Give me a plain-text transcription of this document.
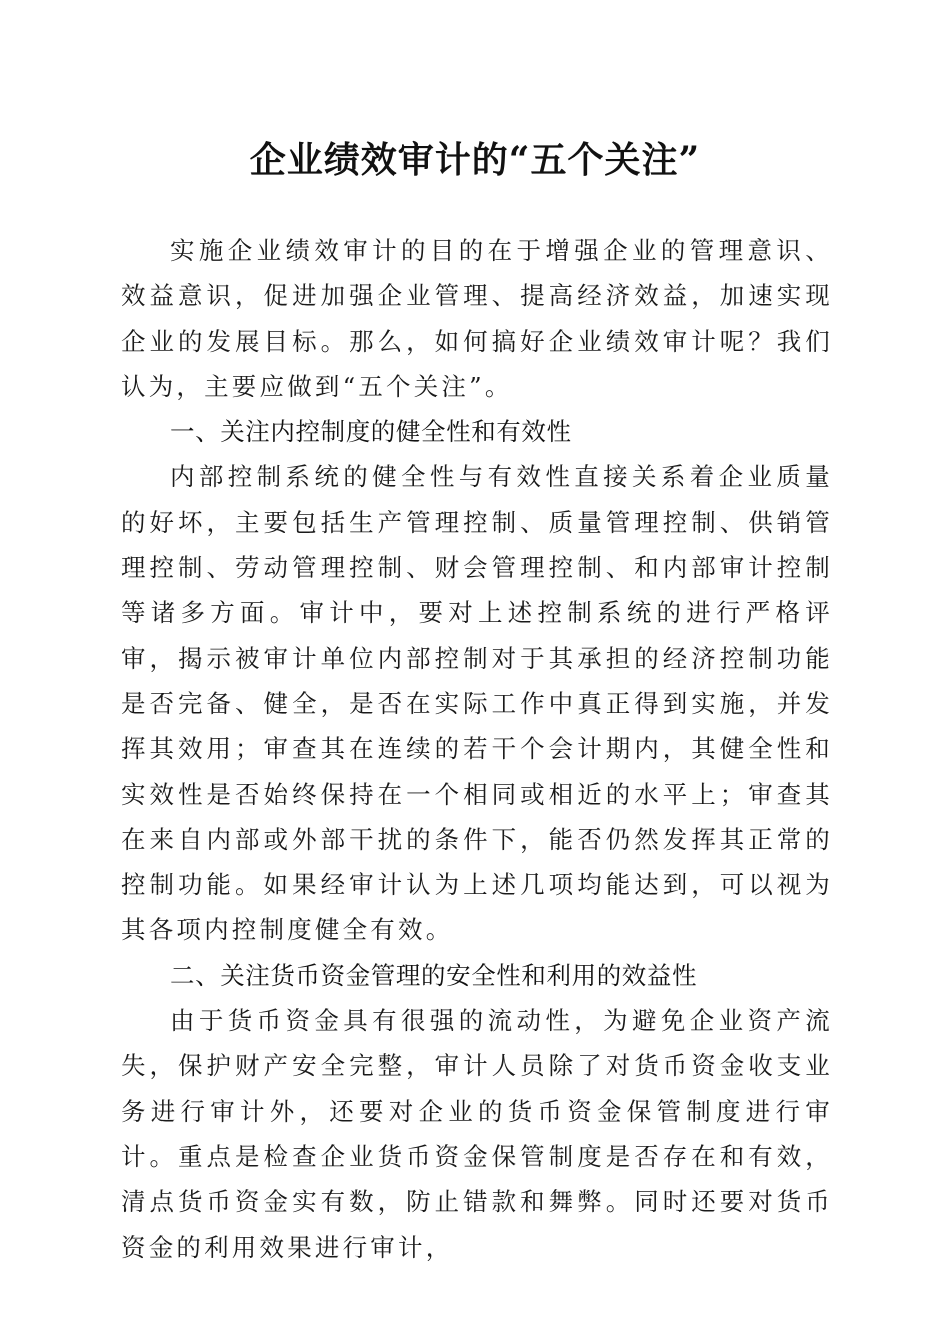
企业绩效审计的“五个关注”

实施企业绩效审计的目的在于增强企业的管理意识、效益意识，促进加强企业管理、提高经济效益，加速实现企业的发展目标。那么，如何搞好企业绩效审计呢？我们认为，主要应做到“五个关注”。

一、关注内控制度的健全性和有效性

内部控制系统的健全性与有效性直接关系着企业质量的好坏，主要包括生产管理控制、质量管理控制、供销管理控制、劳动管理控制、财会管理控制、和内部审计控制等诸多方面。审计中，要对上述控制系统的进行严格评审，揭示被审计单位内部控制对于其承担的经济控制功能是否完备、健全，是否在实际工作中真正得到实施，并发挥其效用；审查其在连续的若干个会计期内，其健全性和实效性是否始终保持在一个相同或相近的水平上；审查其在来自内部或外部干扰的条件下，能否仍然发挥其正常的控制功能。如果经审计认为上述几项均能达到，可以视为其各项内控制度健全有效。

二、关注货币资金管理的安全性和利用的效益性

由于货币资金具有很强的流动性，为避免企业资产流失，保护财产安全完整，审计人员除了对货币资金收支业务进行审计外，还要对企业的货币资金保管制度进行审计。重点是检查企业货币资金保管制度是否存在和有效，清点货币资金实有数，防止错款和舞弊。同时还要对货币资金的利用效果进行审计，
